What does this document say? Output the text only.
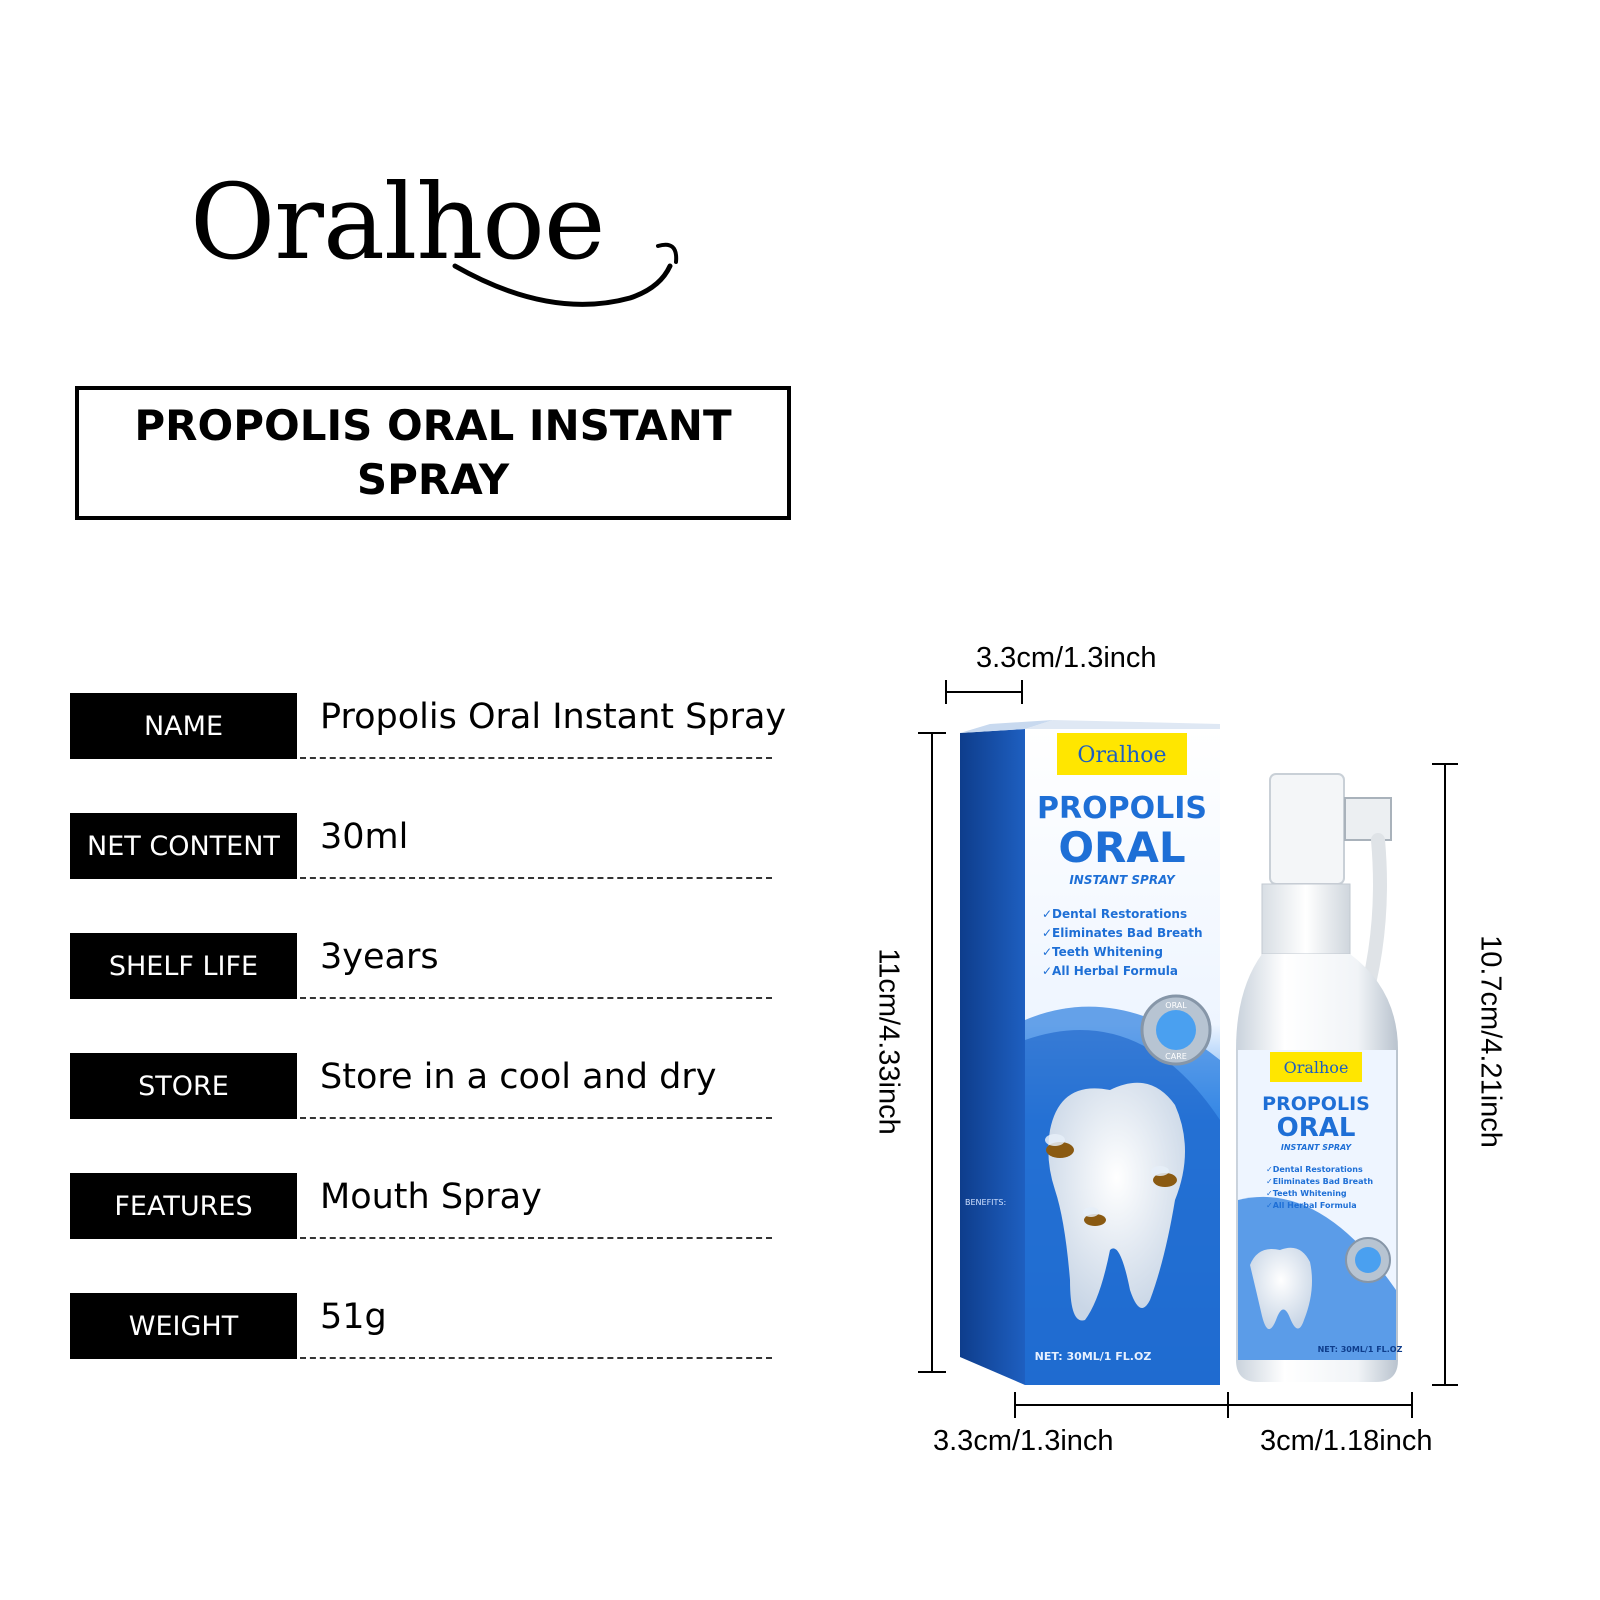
Oralhoe
PROPOLIS ORAL INSTANT SPRAY
NAME	Propolis Oral Instant Spray
NET CONTENT	30ml
SHELF LIFE	3years
STORE	Store in a cool and dry
FEATURES	Mouth Spray
WEIGHT	51g
Oralhoe
PROPOLIS
ORAL
INSTANT SPRAY
✓Dental Restorations
✓Eliminates Bad Breath
✓Teeth Whitening
✓All Herbal Formula
ORAL
CARE
NET: 30ML/1 FL.OZ
BENEFITS:
Oralhoe
PROPOLIS
ORAL
INSTANT SPRAY
✓Dental Restorations
✓Eliminates Bad Breath
✓Teeth Whitening
✓All Herbal Formula
NET: 30ML/1 FL.OZ
3.3cm/1.3inch
11cm/4.33inch
3.3cm/1.3inch	3cm/1.18inch
10.7cm/4.21inch
